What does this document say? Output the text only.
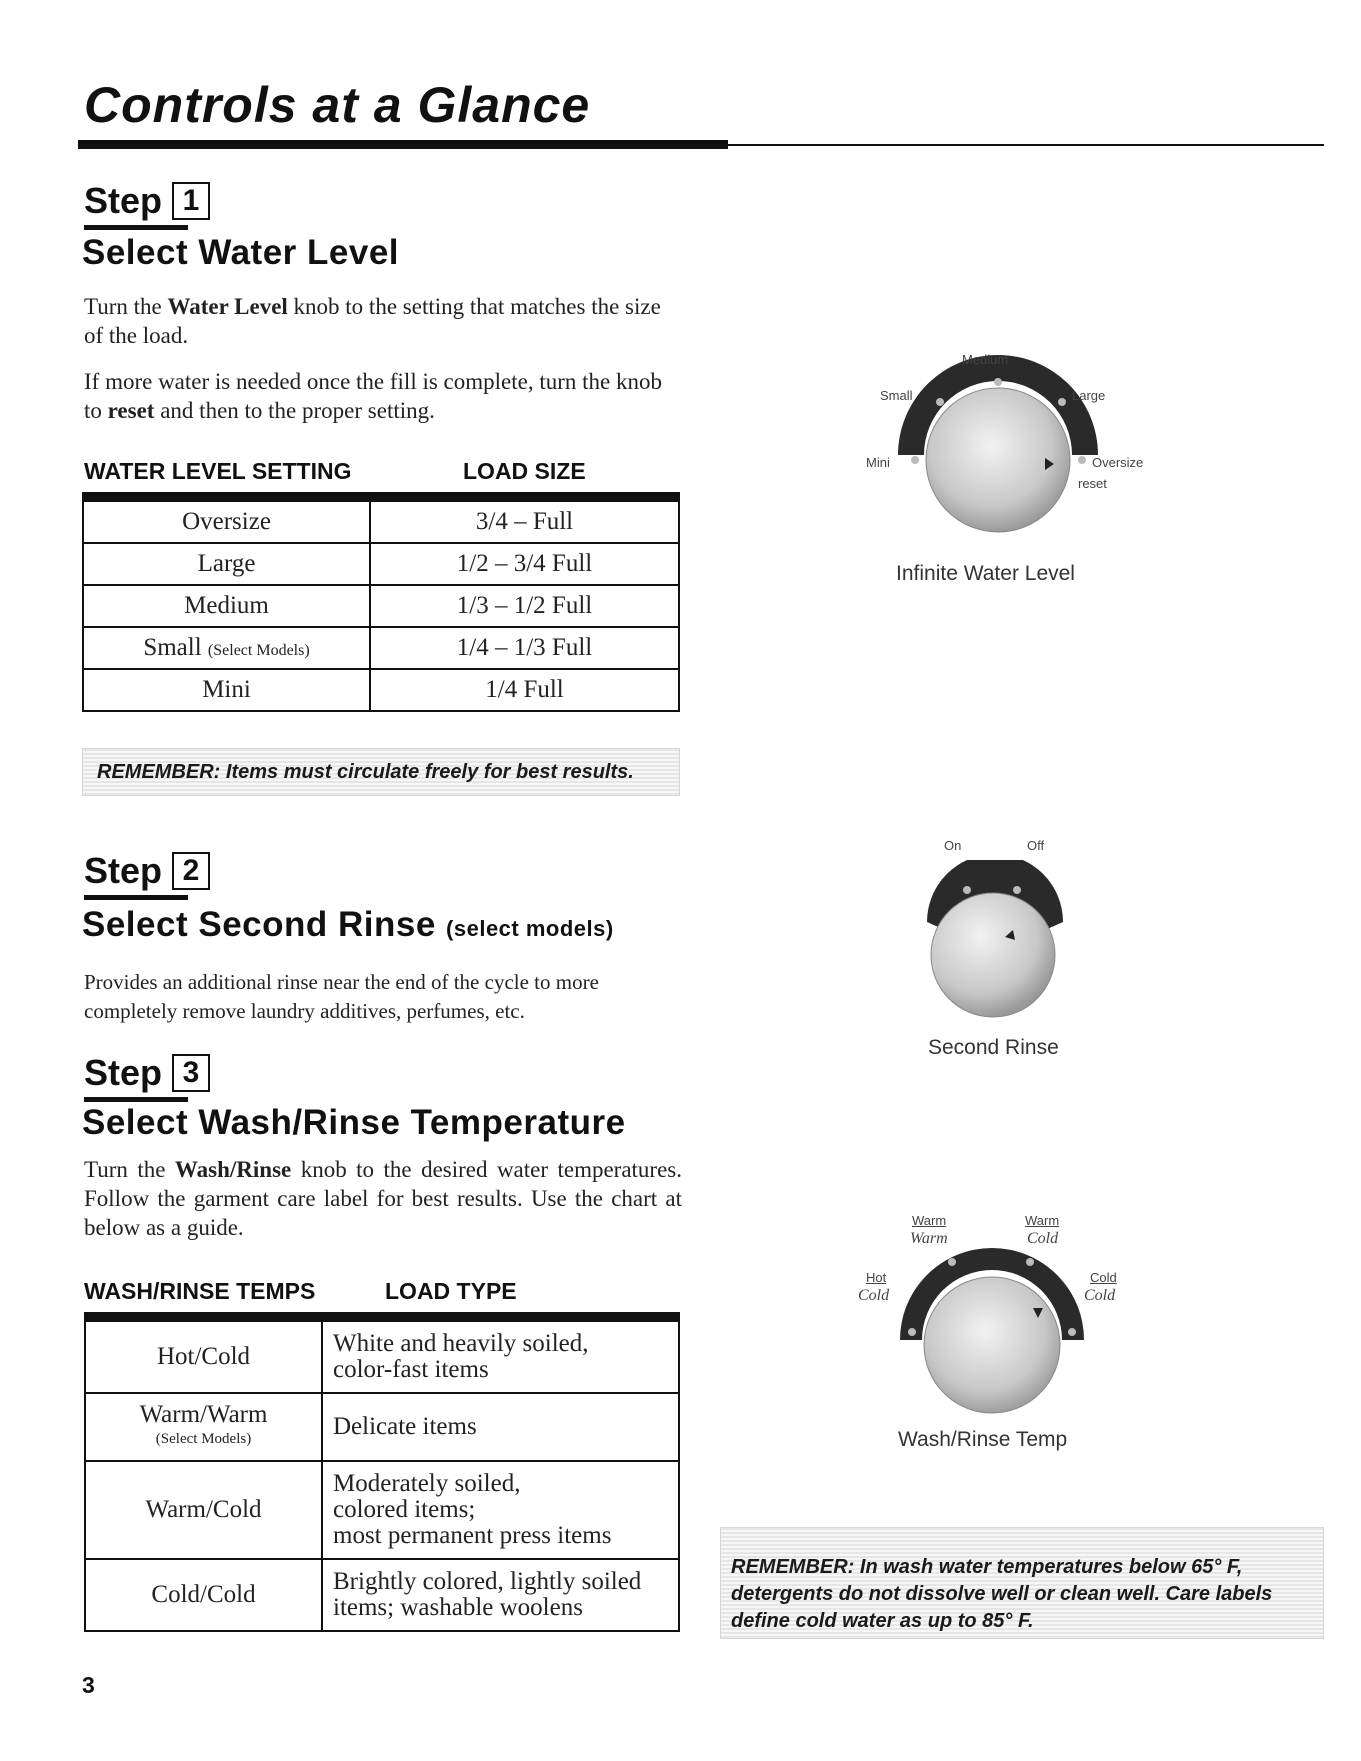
Controls at a Glance
Step 1
Select Water Level
Turn the Water Level knob to the setting that matches the size of the load.
If more water is needed once the fill is complete, turn the knob to reset and then to the proper setting.
WATER LEVEL SETTING	LOAD SIZE
Oversize	3/4 – Full
Large	1/2 – 3/4 Full
Medium	1/3 – 1/2 Full
Small (Select Models)	1/4 – 1/3 Full
Mini	1/4 Full
REMEMBER: Items must circulate freely for best results.
Medium
Small	Large
Mini	Oversize
reset
Infinite Water Level
Step 2
Select Second Rinse (select models)
Provides an additional rinse near the end of the cycle to more completely remove laundry additives, perfumes, etc.
On	Off
Second Rinse
Step 3
Select Wash/Rinse Temperature
Turn the Wash/Rinse knob to the desired water temperatures. Follow the garment care label for best results. Use the chart at below as a guide.
WASH/RINSE TEMPS	LOAD TYPE
Hot/Cold	White and heavily soiled,
color-fast items

Warm/Warm
(Select Models)	Delicate items

Warm/Cold	Moderately soiled,
colored items;
most permanent press items

Cold/Cold	Brightly colored, lightly soiled
items; washable woolens
Warm
Warm
Warm
Cold
Hot
Cold
Cold
Cold
Wash/Rinse Temp
REMEMBER: In wash water temperatures below 65° F, detergents do not dissolve well or clean well. Care labels define cold water as up to 85° F.
3
